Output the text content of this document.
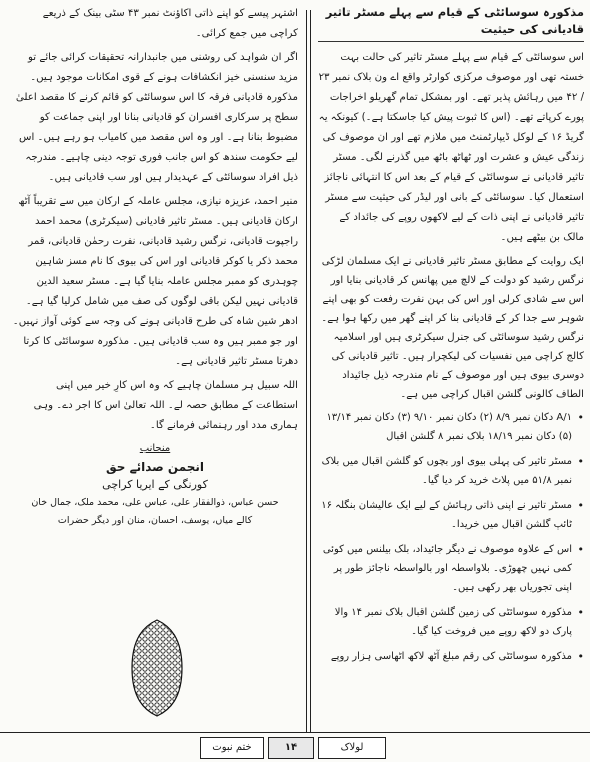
مذکورہ سوسائٹی کے قیام سے پہلے مسٹر تاثیر قادیانی کی حیثیت

اس سوسائٹی کے قیام سے پہلے مسٹر تاثیر کی حالت بہت خستہ تھی اور موصوف مرکزی کوارٹر واقع اے ون بلاک نمبر ۲۳ / ۴۲ میں رہائش پذیر تھے۔ اور بمشکل تمام گھریلو اخراجات پورے کرپاتے تھے۔ (اس کا ثبوت پیش کیا جاسکتا ہے۔) کیونکہ یہ گریڈ ۱۶ کے لوکل ڈیپارٹمنٹ میں ملازم تھے اور ان موصوف کی زندگی عیش و عشرت اور ٹھاٹھ باٹھ میں گذرنے لگی۔ مسٹر تاثیر قادیانی نے سوسائٹی کے قیام کے بعد اس کا انتہائی ناجائز استعمال کیا۔ سوسائٹی کے بانی اور لیڈر کی حیثیت سے مسٹر تاثیر قادیانی نے اپنی ذات کے لیے لاکھوں روپے کی جائداد کے مالک بن بیٹھے ہیں۔

ایک روایت کے مطابق مسٹر تاثیر قادیانی نے ایک مسلمان لڑکی نرگس رشید کو دولت کے لالچ میں پھانس کر قادیانی بنایا اور اس سے شادی کرلی اور اس کی بہن نفرت رفعت کو بھی اپنے شوہر سے جدا کر کے قادیانی بنا کر اپنے گھر میں رکھا ہوا ہے۔ نرگس رشید سوسائٹی کی جنرل سیکرٹری ہیں اور اسلامیہ کالج کراچی میں نفسیات کی لیکچرار ہیں۔ تاثیر قادیانی کی دوسری بیوی ہیں اور موصوف کے نام مندرجہ ذیل جائیداد الطاف کالونی گلشن اقبال کراچی میں ہے۔

• A/۱ دکان نمبر ۸/۹ (۲) دکان نمبر ۹/۱۰ (۳) دکان نمبر ۱۳/۱۴ (۵) دکان نمبر ۱۸/۱۹ بلاک نمبر ۸ گلشن اقبال
• مسٹر تاثیر کی پہلی بیوی اور بچوں کو گلشن اقبال میں بلاک نمبر ۵۱/۸ میں پلاٹ خرید کر دیا گیا۔
• مسٹر تاثیر نے اپنی ذاتی رہائش کے لیے ایک عالیشان بنگلہ ۱۶ ٹائپ گلشن اقبال میں خریدا۔
• اس کے علاوہ موصوف نے دیگر جائیداد، بلک بیلنس میں کوئی کمی نہیں چھوڑی۔ بلاواسطہ اور بالواسطہ ناجائز طور پر اپنی تجوریاں بھر رکھی ہیں۔
• مذکورہ سوسائٹی کی زمین گلشن اقبال بلاک نمبر ۱۴ والا پارک دو لاکھ روپے میں فروخت کیا گیا۔
• مذکورہ سوسائٹی کی رقم مبلغ آٹھ لاکھ اٹھاسی ہزار روپے

اشتہر پیسے کو اپنے ذاتی اکاؤنٹ نمبر ۴۳ سٹی بینک کے ذریعے کراچی میں جمع کرائی۔

اگر ان شواہد کی روشنی میں جانبدارانہ تحقیقات کرائی جائے تو مزید سنسنی خیز انکشافات ہونے کے قوی امکانات موجود ہیں۔ مذکورہ قادیانی فرقہ کا اس سوسائٹی کو قائم کرنے کا مقصد اعلیٰ سطح پر سرکاری افسران کو قادیانی بنانا اور اپنی جماعت کو مضبوط بنانا ہے۔ اور وہ اس مقصد میں کامیاب ہو رہے ہیں۔ اس لیے حکومت سندھ کو اس جانب فوری توجہ دینی چاہیے۔ مندرجہ ذیل افراد سوسائٹی کے عہدیدار ہیں اور سب قادیانی ہیں۔

منیر احمد، عزیزہ نیازی، مجلس عاملہ کے ارکان میں سے تقریباً آٹھ ارکان قادیانی ہیں۔ مسٹر تاثیر قادیانی (سیکرٹری) محمد احمد راجپوت قادیانی، نرگس رشید قادیانی، نفرت رحمٰن قادیانی، قمر محمد ذکر یا کوکر قادیانی اور اس کی بیوی کا نام مسز شاہین چوہدری کو ممبر مجلس عاملہ بنایا گیا ہے۔ مسٹر سعید الدین قادیانی نہیں لیکن باقی لوگوں کی صف میں شامل کرلیا گیا ہے۔ ادھر شین شاہ کی طرح قادیانی ہونے کی وجہ سے کوئی آواز نہیں۔ اور جو ممبر ہیں وہ سب قادیانی ہیں۔ مذکورہ سوسائٹی کا کرتا دھرتا مسٹر تاثیر قادیانی ہے۔

اللہ سبیل ہر مسلمان چاہیے کہ وہ اس کارِ خیر میں اپنی استطاعت کے مطابق حصہ لے۔ اللہ تعالیٰ اس کا اجر دے۔ وہی ہماری مدد اور رہنمائی فرمانے گا۔

منجانب
انجمن صدائے حق
کورنگی کے ایریا کراچی
حسن عباس، ذوالفقار علی، عباس علی، محمد ملک، جمال خان
کالے میاں، یوسف، احسان، منان اور دیگر حضرات
ختم نبوت	۱۴	لولاک
